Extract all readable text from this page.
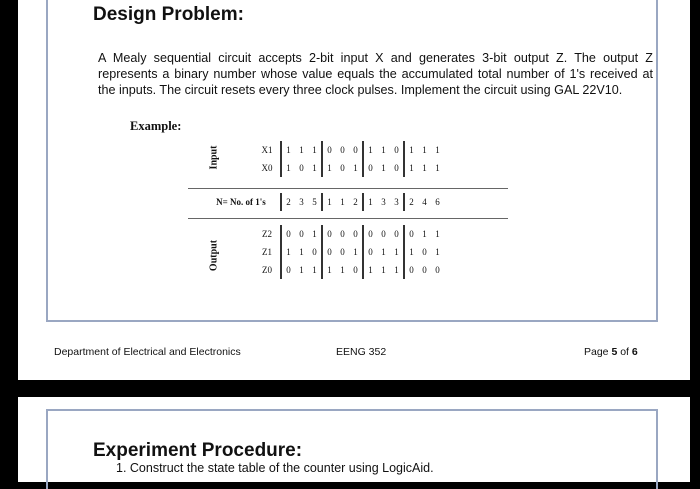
Design Problem:
A Mealy sequential circuit accepts 2-bit input X and generates 3-bit output Z. The output Z represents a binary number whose value equals the accumulated total number of 1's received at the inputs. The circuit resets every three clock pulses. Implement the circuit using GAL 22V10.
Example:
Input
Output
X1	1	1	1	0	0	0	1	1	0	1	1	1
X0	1	0	1	1	0	1	0	1	0	1	1	1
N= No. of 1's	2	3	5	1	1	2	1	3	3	2	4	6
Z2	0	0	1	0	0	0	0	0	0	0	1	1
Z1	1	1	0	0	0	1	0	1	1	1	0	1
Z0	0	1	1	1	1	0	1	1	1	0	0	0
Department of Electrical and Electronics	EENG 352	Page 5 of 6
Experiment Procedure:
1. Construct the state table of the counter using LogicAid.
